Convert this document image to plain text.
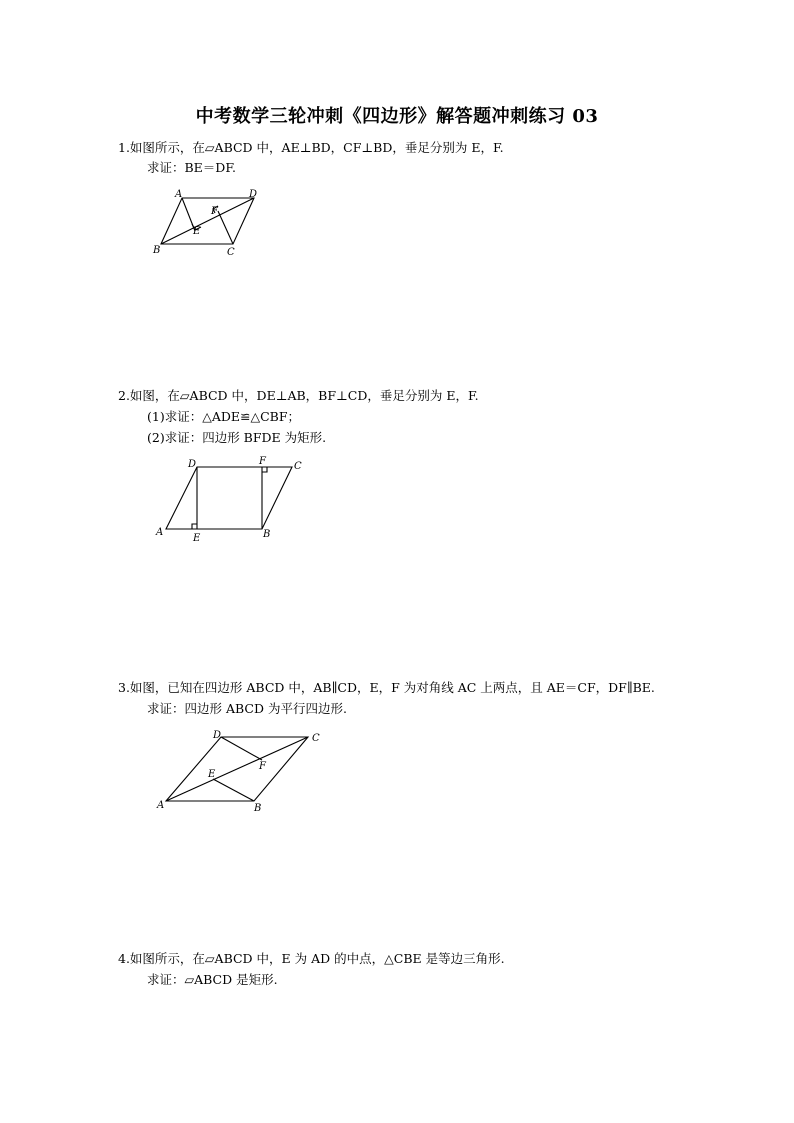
中考数学三轮冲刺《四边形》解答题冲刺练习 03
1.如图所示，在▱ABCD 中，AE⊥BD，CF⊥BD，垂足分别为 E，F.
求证：BE＝DF.
A	D
B	C
E
F
2.如图，在▱ABCD 中，DE⊥AB，BF⊥CD，垂足分别为 E，F.
(1)求证：△ADE≌△CBF；
(2)求证：四边形 BFDE 为矩形.
D	F	C
A
E	B
3.如图，已知在四边形 ABCD 中，AB∥CD，E，F 为对角线 AC 上两点，且 AE＝CF，DF∥BE.
求证：四边形 ABCD 为平行四边形.
D	C
F
E
A	B
4.如图所示，在▱ABCD 中，E 为 AD 的中点，△CBE 是等边三角形.
求证：▱ABCD 是矩形.
